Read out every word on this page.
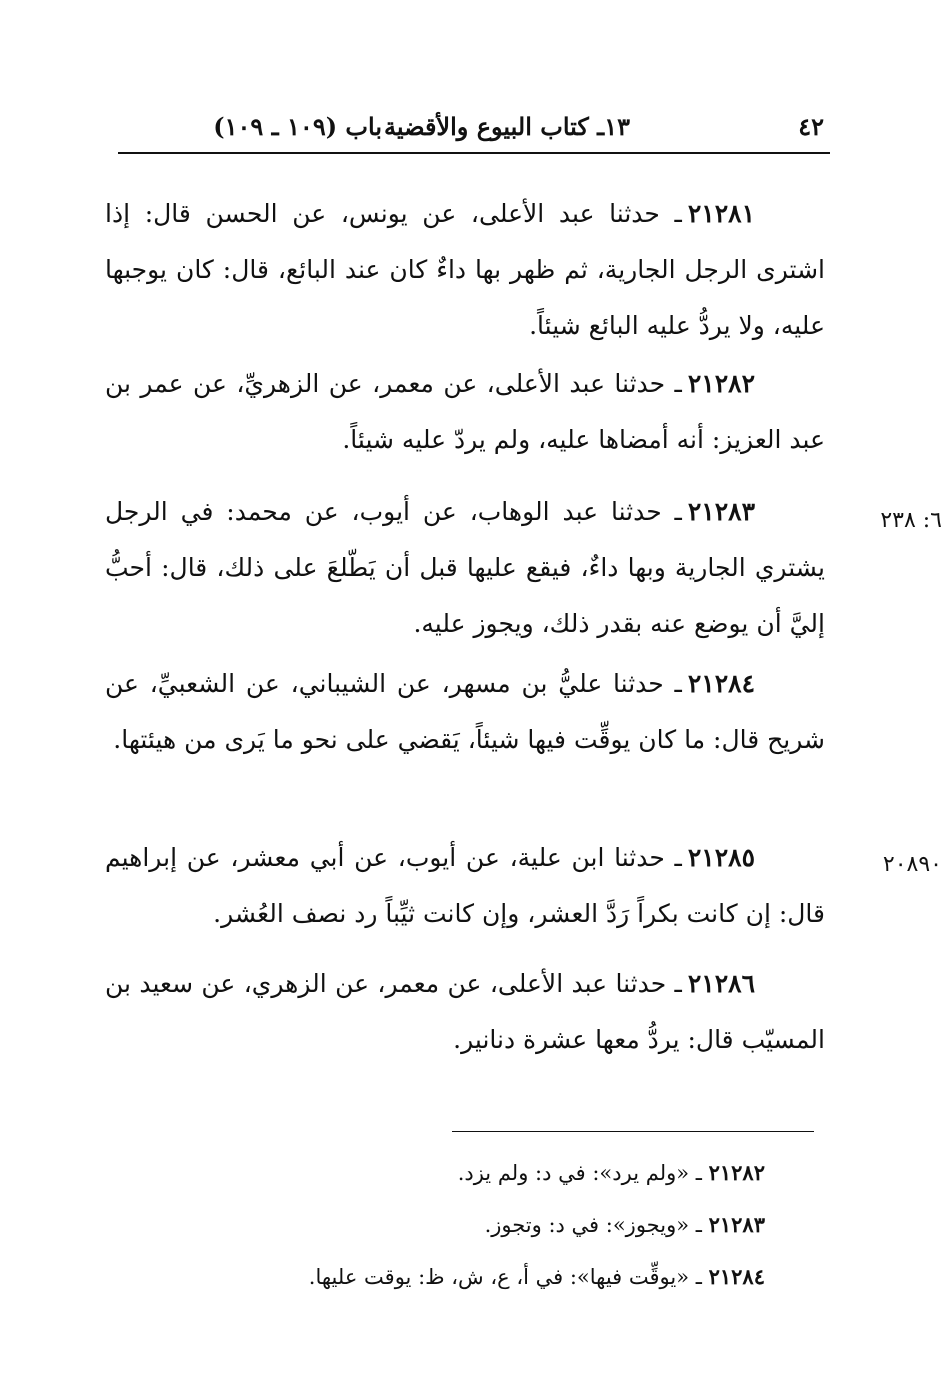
٤٢
١٣ـ كتاب البيوع والأقضية
باب (١٠٩ ـ ١٠٩)

٢١٢٨١ـ حدثنا عبد الأعلى، عن يونس، عن الحسن قال: إذا اشترى الرجل الجارية، ثم ظهر بها داءٌ كان عند البائع، قال: كان يوجبها عليه، ولا يردُّ عليه البائع شيئاً.

٢١٢٨٢ـ حدثنا عبد الأعلى، عن معمر، عن الزهريِّ، عن عمر بن عبد العزيز: أنه أمضاها عليه، ولم يردّ عليه شيئاً.

٦: ٢٣٨

٢١٢٨٣ـ حدثنا عبد الوهاب، عن أيوب، عن محمد: في الرجل يشتري الجارية وبها داءٌ، فيقع عليها قبل أن يَطّلعَ على ذلك، قال: أحبُّ إليَّ أن يوضع عنه بقدر ذلك، ويجوز عليه.

٢١٢٨٤ـ حدثنا عليُّ بن مسهر، عن الشيباني، عن الشعبيِّ، عن شريح قال: ما كان يوقِّت فيها شيئاً، يَقضي على نحو ما يَرى من هيئتها.

٢٠٨٩٠

٢١٢٨٥ـ حدثنا ابن علية، عن أيوب، عن أبي معشر، عن إبراهيم قال: إن كانت بكراً رَدَّ العشر، وإن كانت ثيِّباً رد نصف العُشر.

٢١٢٨٦ـ حدثنا عبد الأعلى، عن معمر، عن الزهري، عن سعيد بن المسيّب قال: يردُّ معها عشرة دنانير.

٢١٢٨٢ ـ «ولم يرد»: في د: ولم يزد.
٢١٢٨٣ ـ «ويجوز»: في د: وتجوز.
٢١٢٨٤ ـ «يوقِّت فيها»: في أ، ع، ش، ظ: يوقت عليها.
